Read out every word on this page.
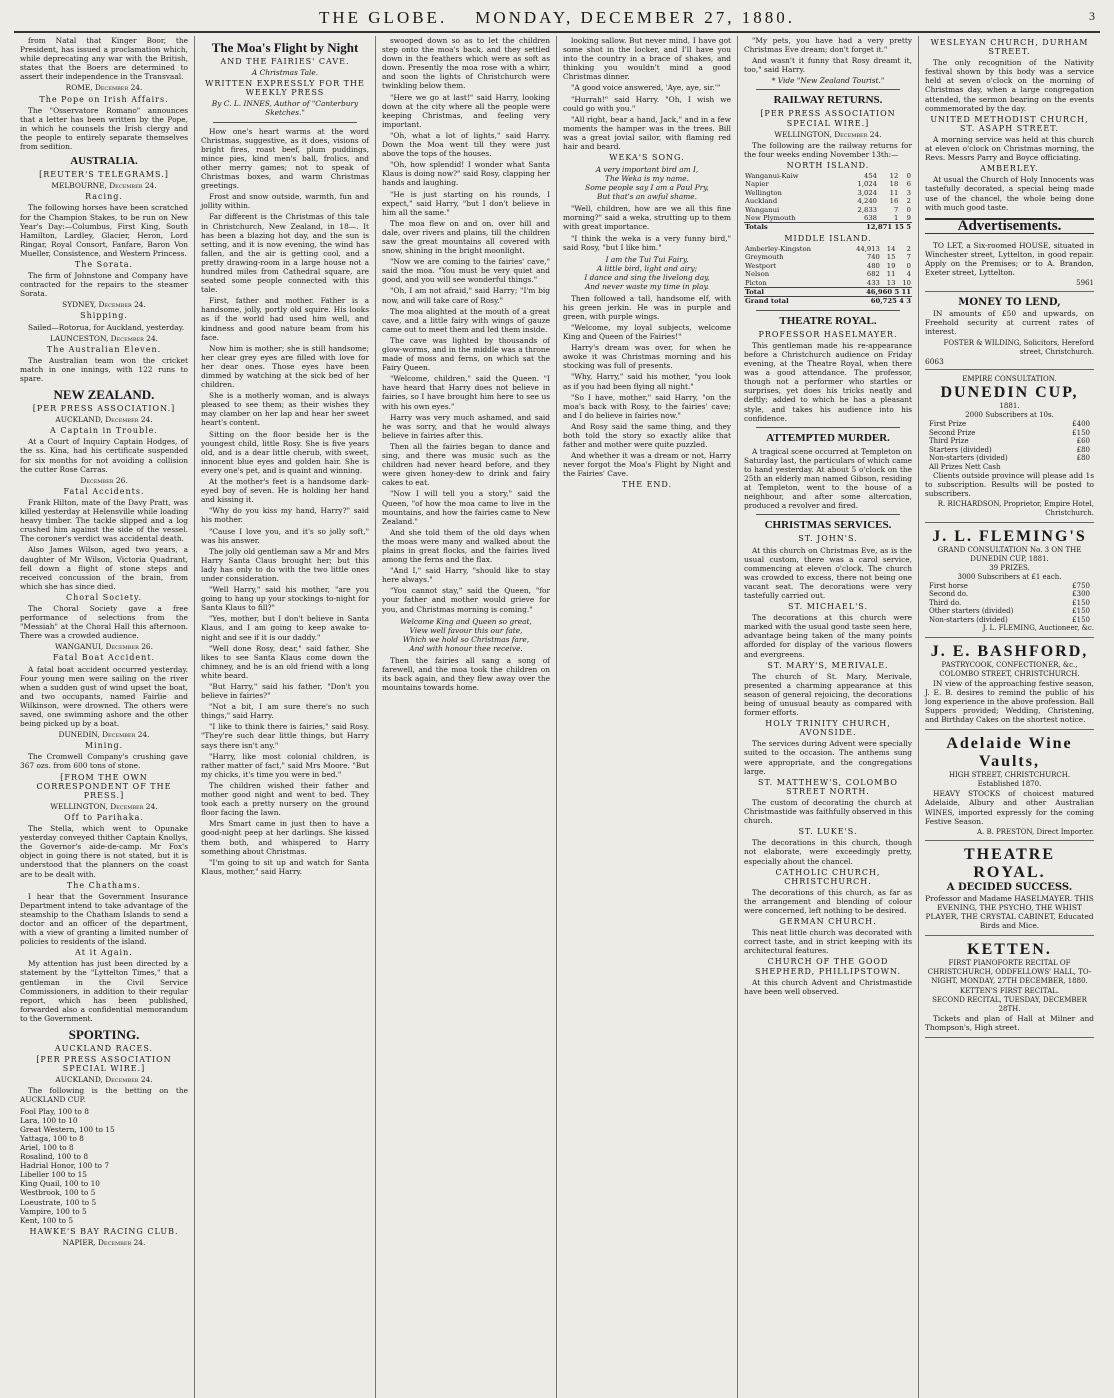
THE GLOBE. MONDAY, DECEMBER 27, 1880.	3

from Natal that Kinger Boor, the President, has issued a proclamation which, while deprecating any war with the British, states that the Boers are determined to assert their independence in the Transvaal.

ROME, December 24.

The Pope on Irish Affairs.

The "Osservatore Romano" announces that a letter has been written by the Pope, in which he counsels the Irish clergy and the people to entirely separate themselves from sedition.

AUSTRALIA.
[REUTER'S TELEGRAMS.]

MELBOURNE, December 24.

Racing.

The following horses have been scratched for the Champion Stakes, to be run on New Year's Day:—Columbus, First King, South Hamilton, Lardley, Glacier, Heron, Lord Ringar, Royal Consort, Fanfare, Baron Von Mueller, Consistence, and Western Princess.

The Sorata.

The firm of Johnstone and Company have contracted for the repairs to the steamer Sorata.

SYDNEY, December 24.

Shipping.

Sailed—Rotorua, for Auckland, yesterday.

LAUNCESTON, December 24.

The Australian Eleven.

The Australian team won the cricket match in one innings, with 122 runs to spare.

NEW ZEALAND.
[PER PRESS ASSOCIATION.]

AUCKLAND, December 24.

A Captain in Trouble.

At a Court of Inquiry Captain Hodges, of the ss. Kina, had his certificate suspended for six months for not avoiding a collision the cutter Rose Carras.

December 26.

Fatal Accidents.

Frank Hilton, mate of the Davy Pratt, was killed yesterday at Helensville while loading heavy timber. The tackle slipped and a log crushed him against the side of the vessel. The coroner's verdict was accidental death.

Also James Wilson, aged two years, a daughter of Mr Wilson, Victoria Quadrant, fell down a flight of stone steps and received concussion of the brain, from which she has since died.

Choral Society.

The Choral Society gave a free performance of selections from the "Messiah" at the Choral Hall this afternoon. There was a crowded audience.

WANGANUI, December 26.

Fatal Boat Accident.

A fatal boat accident occurred yesterday. Four young men were sailing on the river when a sudden gust of wind upset the boat, and two occupants, named Fairlie and Wilkinson, were drowned. The others were saved, one swimming ashore and the other being picked up by a boat.

DUNEDIN, December 24.

Mining.

The Cromwell Company's crushing gave 367 ozs. from 600 tons of stone.

[FROM THE OWN CORRESPONDENT OF THE PRESS.]

WELLINGTON, December 24.

Off to Parihaka.

The Stella, which went to Opunake yesterday conveyed thither Captain Knollys, the Governor's aide-de-camp. Mr Fox's object in going there is not stated, but it is understood that the planners on the coast are to be dealt with.

The Chathams.

I hear that the Government Insurance Department intend to take advantage of the steamship to the Chatham Islands to send a doctor and an officer of the department, with a view of granting a limited number of policies to residents of the island.

At it Again.

My attention has just been directed by a statement by the "Lyttelton Times," that a gentleman in the Civil Service Commissioners, in addition to their regular report, which has been published, forwarded also a confidential memorandum to the Government.

SPORTING.
AUCKLAND RACES.
[PER PRESS ASSOCIATION SPECIAL WIRE.]

AUCKLAND, December 24.

The following is the betting on the AUCKLAND CUP.

Fool Play, 100 to 8
Lara, 100 to 10
Great Western, 100 to 15
Yattaga, 100 to 8
Ariel, 100 to 8
Rosalind, 100 to 8
Hadrial Honor, 100 to 7
Libeller 100 to 15
King Quail, 100 to 10
Westbrook, 100 to 5
Loeustrate, 100 to 5
Vampire, 100 to 5
Kent, 100 to 5
HAWKE'S BAY RACING CLUB.

NAPIER, December 24.

The Moa's Flight by Night
AND THE FAIRIES' CAVE.
A Christmas Tale.
WRITTEN EXPRESSLY FOR THE WEEKLY PRESS
By C. L. INNES, Author of "Canterbury Sketches."

How one's heart warms at the word Christmas, suggestive, as it does, visions of bright fires, roast beef, plum puddings, mince pies, kind men's ball, frolics, and other merry games; not to speak of Christmas boxes, and warm Christmas greetings.

Frost and snow outside, warmth, fun and jollity within.

Far different is the Christmas of this tale in Christchurch, New Zealand, in 18—. It has been a blazing hot day, and the sun is setting, and it is now evening, the wind has fallen, and the air is getting cool, and a pretty drawing-room in a large house not a hundred miles from Cathedral square, are seated some people connected with this tale.

First, father and mother. Father is a handsome, jolly, portly old squire. His looks as if the world had used him well, and kindness and good nature beam from his face.

Now him is mother; she is still handsome; her clear grey eyes are filled with love for her dear ones. Those eyes have been dimmed by watching at the sick bed of her children.

She is a motherly woman, and is always pleased to see them; as their wishes they may clamber on her lap and hear her sweet heart's content.

Sitting on the floor beside her is the youngest child, little Rosy. She is five years old, and is a dear little cherub, with sweet, innocent blue eyes and golden hair. She is every one's pet, and is quaint and winning.

At the mother's feet is a handsome dark-eyed boy of seven. He is holding her hand and kissing it.

"Why do you kiss my hand, Harry?" said his mother.

"Cause I love you, and it's so jolly soft," was his answer.

The jolly old gentleman saw a Mr and Mrs Harry Santa Claus brought her; but this lady has only to do with the two little ones under consideration.

"Well Harry," said his mother, "are you going to hang up your stockings to-night for Santa Klaus to fill?"

"Yes, mother, but I don't believe in Santa Klaus, and I am going to keep awake to-night and see if it is our daddy."

"Well done Rosy, dear," said father. She likes to see Santa Klaus come down the chimney, and he is an old friend with a long white beard.

"But Harry," said his father, "Don't you believe in fairies?"

"Not a bit, I am sure there's no such things," said Harry.

"I like to think there is fairies," said Rosy. "They're such dear little things, but Harry says there isn't any."

"Harry, like most colonial children, is rather matter of fact," said Mrs Moore. "But my chicks, it's time you were in bed."

The children wished their father and mother good night and went to bed. They took each a pretty nursery on the ground floor facing the lawn.

Mrs Smart came in just then to have a good-night peep at her darlings. She kissed them both, and whispered to Harry something about Christmas.

"I'm going to sit up and watch for Santa Klaus, mother," said Harry.

swooped down so as to let the children step onto the moa's back, and they settled down in the feathers which were as soft as down. Presently the moa rose with a whirr, and soon the lights of Christchurch were twinkling below them.

"Here we go at last!" said Harry, looking down at the city where all the people were keeping Christmas, and feeling very important.

"Oh, what a lot of lights," said Harry. Down the Moa went till they were just above the tops of the houses.

"Oh, how splendid! I wonder what Santa Klaus is doing now?" said Rosy, clapping her hands and laughing.

"He is just starting on his rounds, I expect," said Harry, "but I don't believe in him all the same."

The moa flew on and on, over hill and dale, over rivers and plains, till the children saw the great mountains all covered with snow, shining in the bright moonlight.

"Now we are coming to the fairies' cave," said the moa. "You must be very quiet and good, and you will see wonderful things."

"Oh, I am not afraid," said Harry; "I'm big now, and will take care of Rosy."

The moa alighted at the mouth of a great cave, and a little fairy with wings of gauze came out to meet them and led them inside.

The cave was lighted by thousands of glow-worms, and in the middle was a throne made of moss and ferns, on which sat the Fairy Queen.

"Welcome, children," said the Queen. "I have heard that Harry does not believe in fairies, so I have brought him here to see us with his own eyes."

Harry was very much ashamed, and said he was sorry, and that he would always believe in fairies after this.

Then all the fairies began to dance and sing, and there was music such as the children had never heard before, and they were given honey-dew to drink and fairy cakes to eat.

"Now I will tell you a story," said the Queen, "of how the moa came to live in the mountains, and how the fairies came to New Zealand."

And she told them of the old days when the moas were many and walked about the plains in great flocks, and the fairies lived among the ferns and the flax.

"And I," said Harry, "should like to stay here always."

"You cannot stay," said the Queen, "for your father and mother would grieve for you, and Christmas morning is coming."

Welcome King and Queen so great,
View well favour this our fate,
Which we hold so Christmas fare,
And with honour thee receive.

Then the fairies all sang a song of farewell, and the moa took the children on its back again, and they flew away over the mountains towards home.

looking sallow. But never mind, I have got some shot in the locker, and I'll have you into the country in a brace of shakes, and thinking you wouldn't mind a good Christmas dinner.

"A good voice answered, 'Aye, aye, sir.'"

"Hurrah!" said Harry. "Oh, I wish we could go with you."

"All right, bear a hand, Jack," and in a few moments the hamper was in the trees. Bill was a great jovial sailor, with flaming red hair and beard.

WEKA'S SONG.
A very important bird am I,
The Weka is my name.
Some people say I am a Paul Pry,
But that's an awful shame.

"Well, children, how are we all this fine morning?" said a weka, strutting up to them with great importance.

"I think the weka is a very funny bird," said Rosy, "but I like him."

I am the Tui Tui Fairy,
A little bird, light and airy;
I dance and sing the livelong day,
And never waste my time in play.

Then followed a tall, handsome elf, with his green jerkin. He was in purple and green, with purple wings.

"Welcome, my loyal subjects, welcome King and Queen of the Fairies!"

Harry's dream was over, for when he awoke it was Christmas morning and his stocking was full of presents.

"Why, Harry," said his mother, "you look as if you had been flying all night."

"So I have, mother," said Harry, "on the moa's back with Rosy, to the fairies' cave; and I do believe in fairies now."

And Rosy said the same thing, and they both told the story so exactly alike that father and mother were quite puzzled.

And whether it was a dream or not, Harry never forgot the Moa's Flight by Night and the Fairies' Cave.

THE END.

"My pets, you have had a very pretty Christmas Eve dream; don't forget it."

And wasn't it funny that Rosy dreamt it, too," said Harry.

* Vide "New Zealand Tourist."
RAILWAY RETURNS.
[PER PRESS ASSOCIATION SPECIAL WIRE.]

WELLINGTON, December 24.

The following are the railway returns for the four weeks ending November 13th:—

NORTH ISLAND.
Wanganui-Kaiw	454	12	0
Napier	1,024	18	6
Wellington	3,024	11	3
Auckland	4,240	16	2
Wanganui	2,833	7	0
New Plymouth	638	1	9
Totals	12,871 15 5		
MIDDLE ISLAND.
Amberley-Kingston	44,913	14	2
Greymouth	740	15	7
Westport	480	19	0
Nelson	682	11	4
Picton	433	13	10
Total	46,960 5 11		
Grand total	60,725 4 3		
THEATRE ROYAL.
PROFESSOR HASELMAYER.

This gentleman made his re-appearance before a Christchurch audience on Friday evening, at the Theatre Royal, when there was a good attendance. The professor, though not a performer who startles or surprises, yet does his tricks neatly and deftly; added to which he has a pleasant style, and takes his audience into his confidence.

ATTEMPTED MURDER.

A tragical scene occurred at Templeton on Saturday last, the particulars of which came to hand yesterday. At about 5 o'clock on the 25th an elderly man named Gibson, residing at Templeton, went to the house of a neighbour, and after some altercation, produced a revolver and fired.

CHRISTMAS SERVICES.
ST. JOHN'S.

At this church on Christmas Eve, as is the usual custom, there was a carol service, commencing at eleven o'clock. The church was crowded to excess, there not being one vacant seat. The decorations were very tastefully carried out.

ST. MICHAEL'S.

The decorations at this church were marked with the usual good taste seen here, advantage being taken of the many points afforded for display of the various flowers and evergreens.

ST. MARY'S, MERIVALE.

The church of St. Mary, Merivale, presented a charming appearance at this season of general rejoicing, the decorations being of unusual beauty as compared with former efforts.

HOLY TRINITY CHURCH, AVONSIDE.

The services during Advent were specially suited to the occasion. The anthems sung were appropriate, and the congregations large.

ST. MATTHEW'S, COLOMBO STREET NORTH.

The custom of decorating the church at Christmastide was faithfully observed in this church.

ST. LUKE'S.

The decorations in this church, though not elaborate, were exceedingly pretty, especially about the chancel.

CATHOLIC CHURCH, CHRISTCHURCH.

The decorations of this church, as far as the arrangement and blending of colour were concerned, left nothing to be desired.

GERMAN CHURCH.

This neat little church was decorated with correct taste, and in strict keeping with its architectural features.

CHURCH OF THE GOOD SHEPHERD, PHILLIPSTOWN.

At this church Advent and Christmastide have been well observed.

WESLEYAN CHURCH, DURHAM STREET.

The only recognition of the Nativity festival shown by this body was a service held at seven o'clock on the morning of Christmas day, when a large congregation attended, the sermon bearing on the events commemorated by the day.

UNITED METHODIST CHURCH, ST. ASAPH STREET.

A morning service was held at this church at eleven o'clock on Christmas morning, the Revs. Messrs Parry and Boyce officiating.

AMBERLEY.

At usual the Church of Holy Innocents was tastefully decorated, a special being made use of the chancel, the whole being done with much good taste.

Advertisements.

TO LET, a Six-roomed HOUSE, situated in Winchester street, Lyttelton, in good repair. Apply on the Premises; or to A. Brandon, Exeter street, Lyttelton.

5961
MONEY TO LEND,

IN amounts of £50 and upwards, on Freehold security at current rates of interest.

FOSTER & WILDING, Solicitors, Hereford street, Christchurch.
6063
EMPIRE CONSULTATION.
DUNEDIN CUP,
1881.
2000 Subscribers at 10s.
First Prize	£400
Second Prize	£150
Third Prize	£60
Starters (divided)	£80
Non-starters (divided)	£80
All Prizes Nett Cash

Clients outside province will please add 1s to subscription. Results will be posted to subscribers.

R. RICHARDSON, Proprietor, Empire Hotel, Christchurch.
J. L. FLEMING'S
GRAND CONSULTATION No. 3 ON THE DUNEDIN CUP, 1881.
39 PRIZES.
3000 Subscribers at £1 each.
First horse	£750
Second do.	£300
Third do.	£150
Other starters (divided)	£150
Non-starters (divided)	£150
J. L. FLEMING, Auctioneer, &c.
J. E. BASHFORD,
PASTRYCOOK, CONFECTIONER, &c.,
COLOMBO STREET, CHRISTCHURCH.

IN view of the approaching festive season, J. E. B. desires to remind the public of his long experience in the above profession. Ball Suppers provided; Wedding, Christening, and Birthday Cakes on the shortest notice.

Adelaide Wine Vaults,
HIGH STREET, CHRISTCHURCH.
Established 1870.

HEAVY STOCKS of choicest matured Adelaide, Albury and other Australian WINES, imported expressly for the coming Festive Season.

A. B. PRESTON, Direct Importer.
THEATRE ROYAL.
A DECIDED SUCCESS.

Professor and Madame HASELMAYER. THIS EVENING, THE PSYCHO, THE WHIST PLAYER, THE CRYSTAL CABINET, Educated Birds and Mice.

KETTEN.
FIRST PIANOFORTE RECITAL OF CHRISTCHURCH, ODDFELLOWS' HALL, TO-NIGHT, MONDAY, 27TH DECEMBER, 1880.
KETTEN'S FIRST RECITAL.
SECOND RECITAL, TUESDAY, DECEMBER 28TH.

Tickets and plan of Hall at Milner and Thompson's, High street.
